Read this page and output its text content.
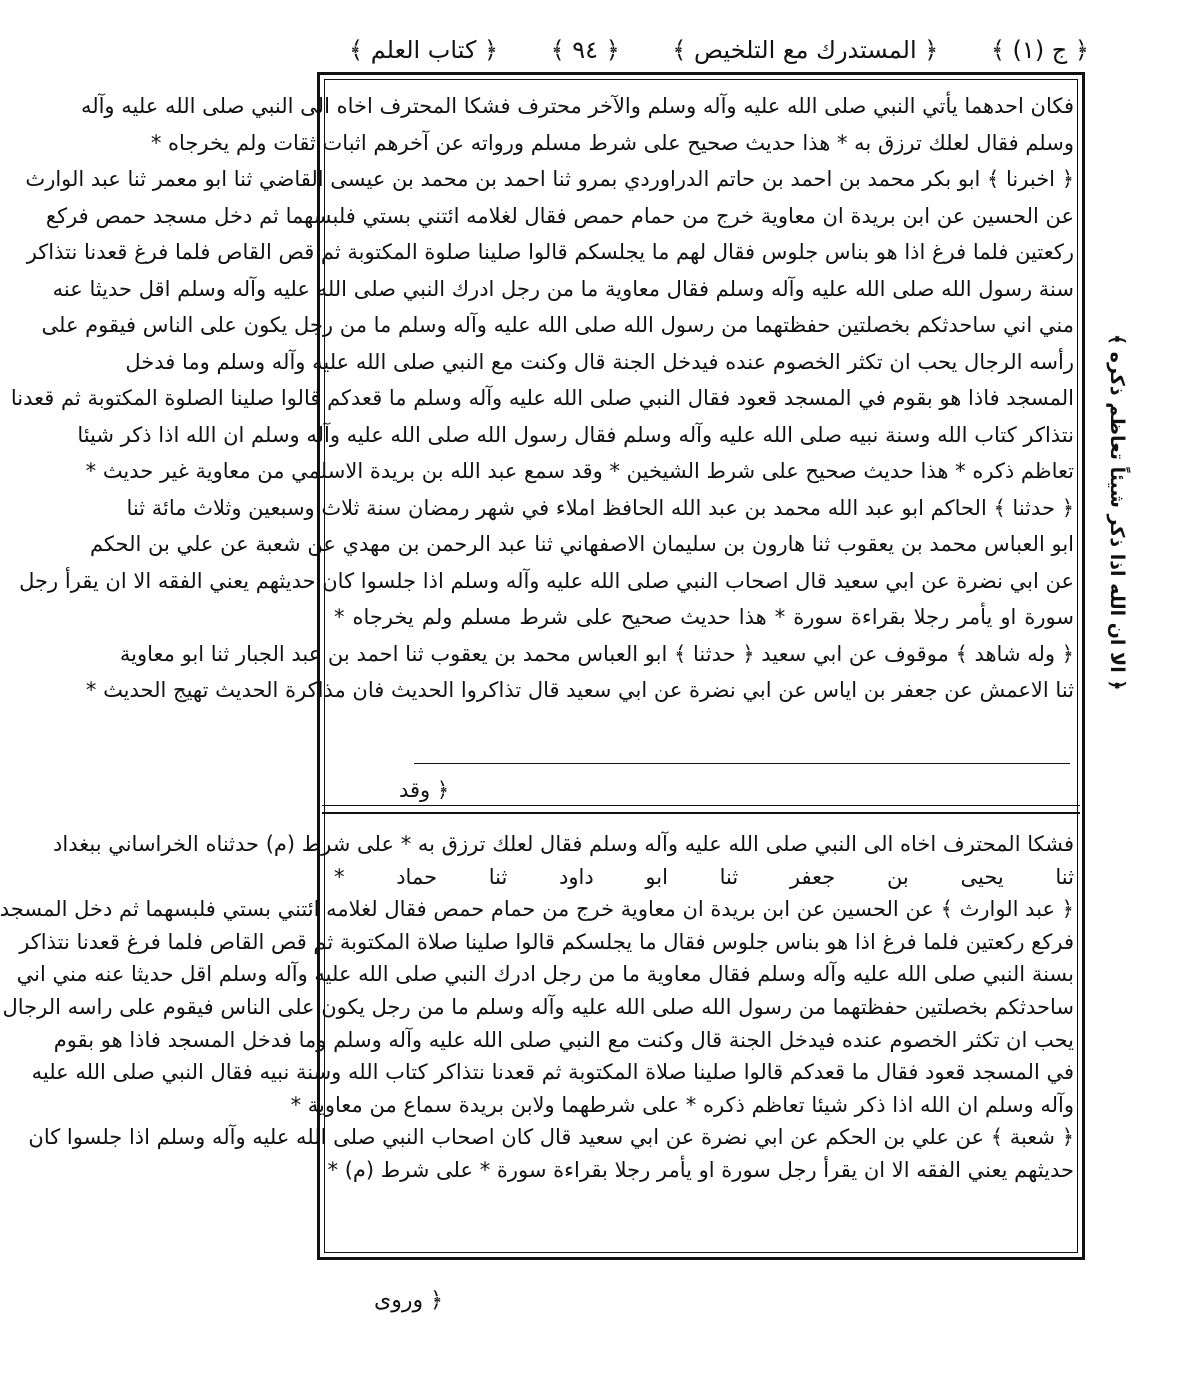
﴿ ج (١) ﴾
﴿ المستدرك مع التلخيص ﴾
﴿ ٩٤ ﴾
﴿ كتاب العلم ﴾
فكان احدهما يأتي النبي صلى الله عليه وآله وسلم والآخر محترف فشكا المحترف اخاه الى النبي صلى الله عليه وآله
وسلم فقال لعلك ترزق به * هذا حديث صحيح على شرط مسلم ورواته عن آخرهم اثبات ثقات ولم يخرجاه *
﴿ اخبرنا ﴾ ابو بكر محمد بن احمد بن حاتم الدراوردي بمرو ثنا احمد بن محمد بن عيسى القاضي ثنا ابو معمر ثنا عبد الوارث
عن الحسين عن ابن بريدة ان معاوية خرج من حمام حمص فقال لغلامه ائتني بستي فلبسهما ثم دخل مسجد حمص فركع
ركعتين فلما فرغ اذا هو بناس جلوس فقال لهم ما يجلسكم قالوا صلينا صلوة المكتوبة ثم قص القاص فلما فرغ قعدنا نتذاكر
سنة رسول الله صلى الله عليه وآله وسلم فقال معاوية ما من رجل ادرك النبي صلى الله عليه وآله وسلم اقل حديثا عنه
مني اني ساحدثكم بخصلتين حفظتهما من رسول الله صلى الله عليه وآله وسلم ما من رجل يكون على الناس فيقوم على
رأسه الرجال يحب ان تكثر الخصوم عنده فيدخل الجنة قال وكنت مع النبي صلى الله عليه وآله وسلم وما فدخل
المسجد فاذا هو بقوم في المسجد قعود فقال النبي صلى الله عليه وآله وسلم ما قعدكم قالوا صلينا الصلوة المكتوبة ثم قعدنا
نتذاكر كتاب الله وسنة نبيه صلى الله عليه وآله وسلم فقال رسول الله صلى الله عليه وآله وسلم ان الله اذا ذكر شيئا
تعاظم ذكره * هذا حديث صحيح على شرط الشيخين * وقد سمع عبد الله بن بريدة الاسلمي من معاوية غير حديث *
﴿ حدثنا ﴾ الحاكم ابو عبد الله محمد بن عبد الله الحافظ املاء في شهر رمضان سنة ثلاث وسبعين وثلاث مائة ثنا
ابو العباس محمد بن يعقوب ثنا هارون بن سليمان الاصفهاني ثنا عبد الرحمن بن مهدي عن شعبة عن علي بن الحكم
عن ابي نضرة عن ابي سعيد قال اصحاب النبي صلى الله عليه وآله وسلم اذا جلسوا كان حديثهم يعني الفقه الا ان يقرأ رجل
سورة او يأمر رجلا بقراءة سورة * هذا حديث صحيح على شرط مسلم ولم يخرجاه *
﴿ وله شاهد ﴾ موقوف عن ابي سعيد ﴿ حدثنا ﴾ ابو العباس محمد بن يعقوب ثنا احمد بن عبد الجبار ثنا ابو معاوية
ثنا الاعمش عن جعفر بن اياس عن ابي نضرة عن ابي سعيد قال تذاكروا الحديث فان مذاكرة الحديث تهيج الحديث *
﴿ وقد
فشكا المحترف اخاه الى النبي صلى الله عليه وآله وسلم فقال لعلك ترزق به * على شرط (م) حدثناه الخراساني ببغداد
ثنا يحيى بن جعفر ثنا ابو داود ثنا حماد *
﴿ عبد الوارث ﴾ عن الحسين عن ابن بريدة ان معاوية خرج من حمام حمص فقال لغلامه ائتني بستي فلبسهما ثم دخل المسجد
فركع ركعتين فلما فرغ اذا هو بناس جلوس فقال ما يجلسكم قالوا صلينا صلاة المكتوبة ثم قص القاص فلما فرغ قعدنا نتذاكر
بسنة النبي صلى الله عليه وآله وسلم فقال معاوية ما من رجل ادرك النبي صلى الله عليه وآله وسلم اقل حديثا عنه مني اني
ساحدثكم بخصلتين حفظتهما من رسول الله صلى الله عليه وآله وسلم ما من رجل يكون على الناس فيقوم على راسه الرجال
يحب ان تكثر الخصوم عنده فيدخل الجنة قال وكنت مع النبي صلى الله عليه وآله وسلم وما فدخل المسجد فاذا هو بقوم
في المسجد قعود فقال ما قعدكم قالوا صلينا صلاة المكتوبة ثم قعدنا نتذاكر كتاب الله وسنة نبيه فقال النبي صلى الله عليه
وآله وسلم ان الله اذا ذكر شيئا تعاظم ذكره * على شرطهما ولابن بريدة سماع من معاوية *
﴿ شعبة ﴾ عن علي بن الحكم عن ابي نضرة عن ابي سعيد قال كان اصحاب النبي صلى الله عليه وآله وسلم اذا جلسوا كان
حديثهم يعني الفقه الا ان يقرأ رجل سورة او يأمر رجلا بقراءة سورة * على شرط (م) *
﴿ الا ان الله اذا ذكر شيئاً تعاظم ذكره ﴾
﴿ وروى
